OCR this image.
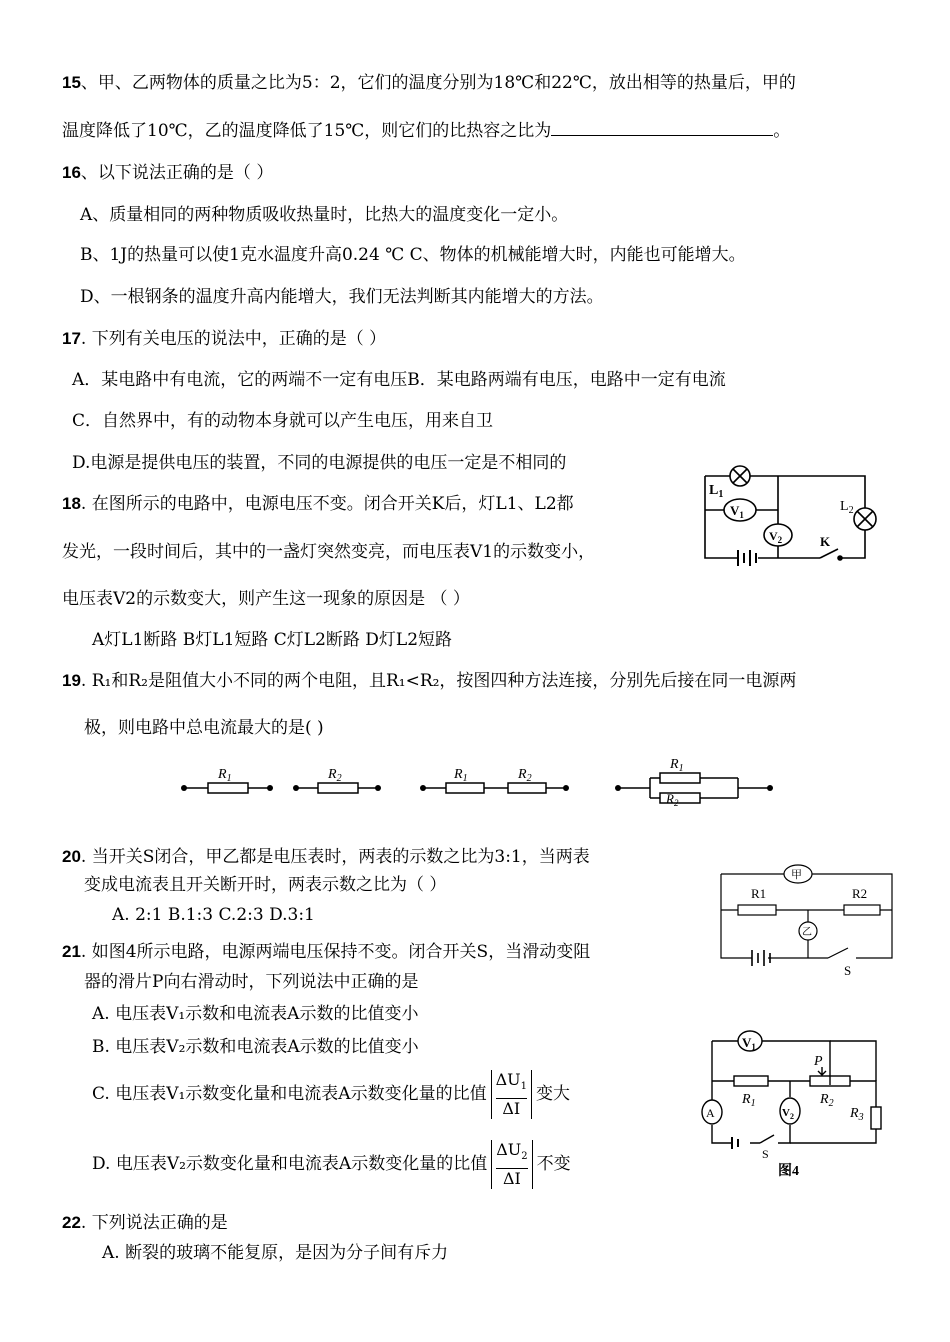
15、甲、乙两物体的质量之比为5：2，它们的温度分别为18℃和22℃，放出相等的热量后，甲的
温度降低了10℃，乙的温度降低了15℃，则它们的比热容之比为	。
16、以下说法正确的是（ ）
A、质量相同的两种物质吸收热量时，比热大的温度变化一定小。
B、1J的热量可以使1克水温度升高0.24 ℃ C、物体的机械能增大时，内能也可能增大。
D、一根钢条的温度升高内能增大，我们无法判断其内能增大的方法。
17. 下列有关电压的说法中，正确的是（ ）
A．某电路中有电流，它的两端不一定有电压B．某电路两端有电压，电路中一定有电流
C．自然界中，有的动物本身就可以产生电压，用来自卫
D.电源是提供电压的装置，不同的电源提供的电压一定是不相同的
18. 在图所示的电路中，电源电压不变。闭合开关K后，灯L1、L2都
发光，一段时间后，其中的一盏灯突然变亮，而电压表V1的示数变小，
电压表V2的示数变大，则产生这一现象的原因是 （ ）
A灯L1断路 B灯L1短路 C灯L2断路 D灯L2短路
$L_1$
$V_1$
$V_2$
$L_2$
K
19. R₁和R₂是阻值大小不同的两个电阻，且R₁<R₂，按图四种方法连接，分别先后接在同一电源两
极，则电路中总电流最大的是( )
$R_1$	$R_2$	$R_1$	$R_2$
$R_1$
$R_2$
20. 当开关S闭合，甲乙都是电压表时，两表的示数之比为3:1，当两表
变成电流表且开关断开时，两表示数之比为（ ）
A. 2:1 B.1:3 C.2:3 D.3:1
甲
乙
R1	R2
S
21. 如图4所示电路，电源两端电压保持不变。闭合开关S，当滑动变阻
器的滑片P向右滑动时，下列说法中正确的是
A. 电压表V₁示数和电流表A示数的比值变小
B. 电压表V₂示数和电流表A示数的比值变小
C. 电压表V₁示数变化量和电流表A示数变化量的比值 $\frac{\Delta U_1}{\Delta I}$ 变大
D. 电压表V₂示数变化量和电流表A示数变化量的比值 $\frac{\Delta U_2}{\Delta I}$ 不变
$V_1$
A	$V_2$
P
$R_1$	$R_2$
$R_3$
S
图4
22. 下列说法正确的是
A. 断裂的玻璃不能复原，是因为分子间有斥力
